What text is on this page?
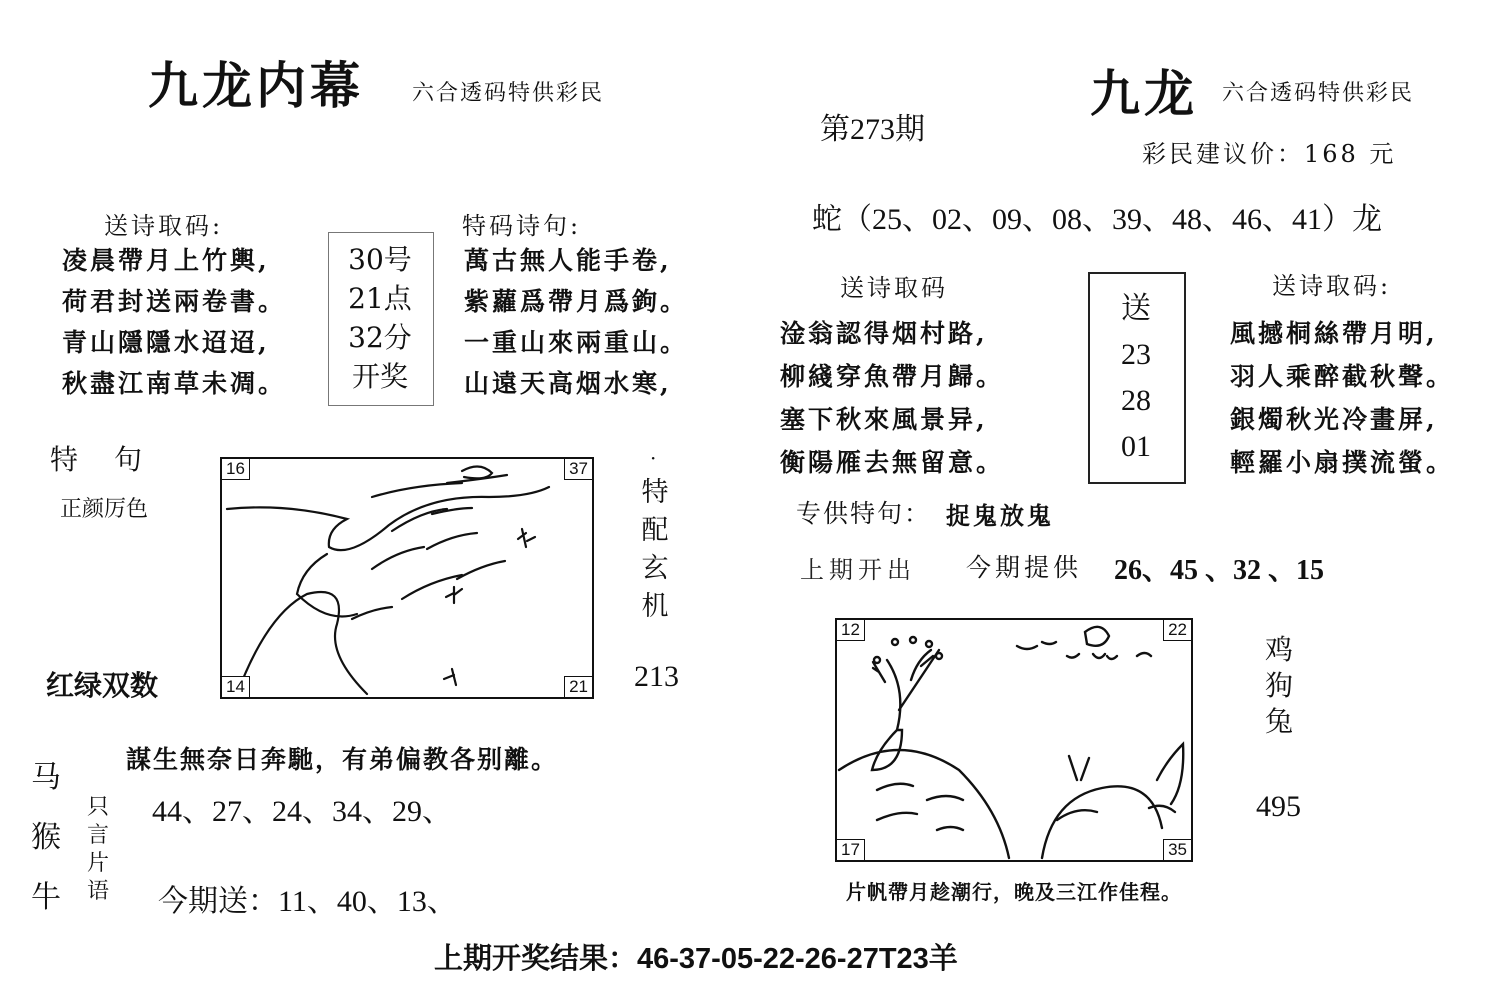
九龙内幕 六合透码特供彩民
送诗取码:
凌晨帶月上竹輿,
荷君封送兩卷書。
青山隱隱水迢迢,
秋盡江南草未凋。
30号
21点
32分
开奖
特码诗句:
萬古無人能手卷,
紫蘿爲帶月爲鉤。
一重山來兩重山。
山遠天高烟水寒,
特　句
正颜厉色
16	37
14	21
·
特
配
玄
机
红绿双数	213
謀生無奈日奔馳，有弟偏教各别離。
马
猴
牛
只
言
片
语
44、27、24、34、29、
今期送：11、40、13、
第273期
九龙 六合透码特供彩民
彩民建议价：168 元
蛇（25、02、09、08、39、48、46、41）龙
送诗取码
淦翁認得烟村路,
柳綫穿魚帶月歸。
塞下秋來風景异,
衡陽雁去無留意。
送
23
28
01
送诗取码:
風撼桐絲帶月明,
羽人乘醉截秋聲。
銀燭秋光冷畫屏,
輕羅小扇撲流螢。
专供特句： 捉鬼放鬼
上期开出 今期提供 26、45 、32 、15
12	22
17	35
鸡
狗
兔
495
片帆帶月趁潮行，晚及三江作佳程。
上期开奖结果：46-37-05-22-26-27T23羊
